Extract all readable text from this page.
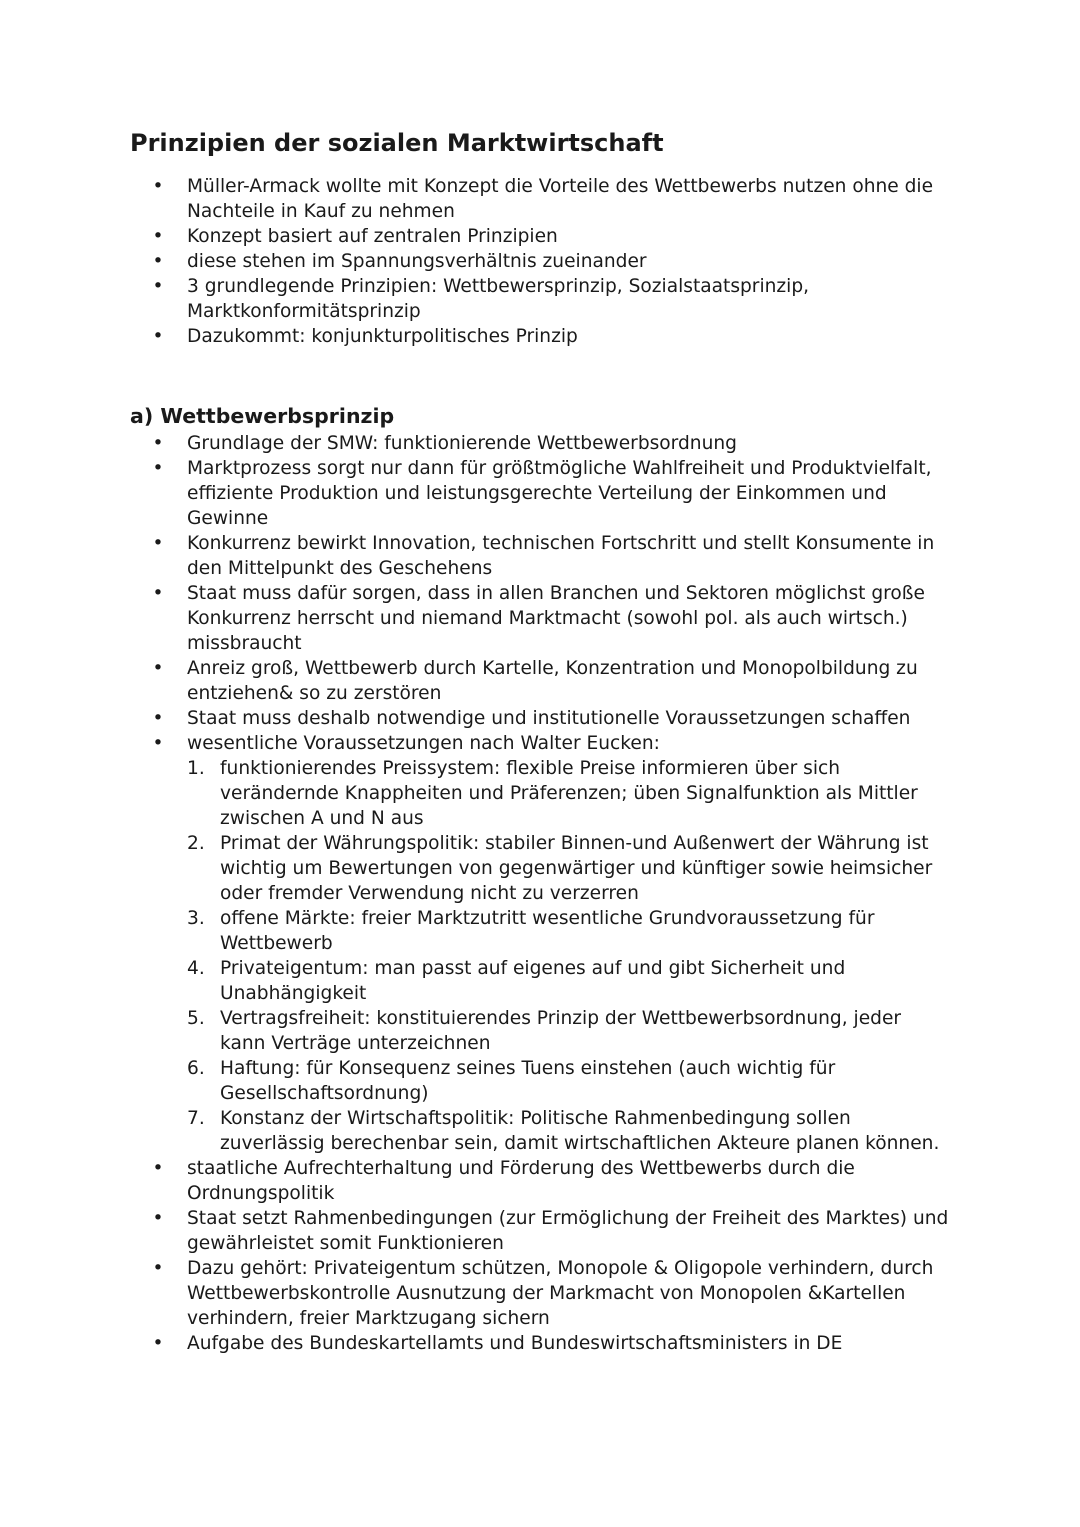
Prinzipien der sozialen Marktwirtschaft
• Müller-Armack wollte mit Konzept die Vorteile des Wettbewerbs nutzen ohne die Nachteile in Kauf zu nehmen
• Konzept basiert auf zentralen Prinzipien
• diese stehen im Spannungsverhältnis zueinander
• 3 grundlegende Prinzipien: Wettbewersprinzip, Sozialstaatsprinzip, Marktkonformitätsprinzip
• Dazukommt: konjunkturpolitisches Prinzip
a) Wettbewerbsprinzip
• Grundlage der SMW: funktionierende Wettbewerbsordnung
• Marktprozess sorgt nur dann für größtmögliche Wahlfreiheit und Produktvielfalt, effiziente Produktion und leistungsgerechte Verteilung der Einkommen und Gewinne
• Konkurrenz bewirkt Innovation, technischen Fortschritt und stellt Konsumente in den Mittelpunkt des Geschehens
• Staat muss dafür sorgen, dass in allen Branchen und Sektoren möglichst große Konkurrenz herrscht und niemand Marktmacht (sowohl pol. als auch wirtsch.) missbraucht
• Anreiz groß, Wettbewerb durch Kartelle, Konzentration und Monopolbildung zu entziehen& so zu zerstören
• Staat muss deshalb notwendige und institutionelle Voraussetzungen schaffen
• wesentliche Voraussetzungen nach Walter Eucken:
1. funktionierendes Preissystem: flexible Preise informieren über sich verändernde Knappheiten und Präferenzen; üben Signalfunktion als Mittler zwischen A und N aus
2. Primat der Währungspolitik: stabiler Binnen-und Außenwert der Währung ist wichtig um Bewertungen von gegenwärtiger und künftiger sowie heimsicher oder fremder Verwendung nicht zu verzerren
3. offene Märkte: freier Marktzutritt wesentliche Grundvoraussetzung für Wettbewerb
4. Privateigentum: man passt auf eigenes auf und gibt Sicherheit und Unabhängigkeit
5. Vertragsfreiheit: konstituierendes Prinzip der Wettbewerbsordnung, jeder kann Verträge unterzeichnen
6. Haftung: für Konsequenz seines Tuens einstehen (auch wichtig für Gesellschaftsordnung)
7. Konstanz der Wirtschaftspolitik: Politische Rahmenbedingung sollen zuverlässig berechenbar sein, damit wirtschaftlichen Akteure planen können.
• staatliche Aufrechterhaltung und Förderung des Wettbewerbs durch die Ordnungspolitik
• Staat setzt Rahmenbedingungen (zur Ermöglichung der Freiheit des Marktes) und gewährleistet somit Funktionieren
• Dazu gehört: Privateigentum schützen, Monopole & Oligopole verhindern, durch Wettbewerbskontrolle Ausnutzung der Markmacht von Monopolen &Kartellen verhindern, freier Marktzugang sichern
• Aufgabe des Bundeskartellamts und Bundeswirtschaftsministers in DE
